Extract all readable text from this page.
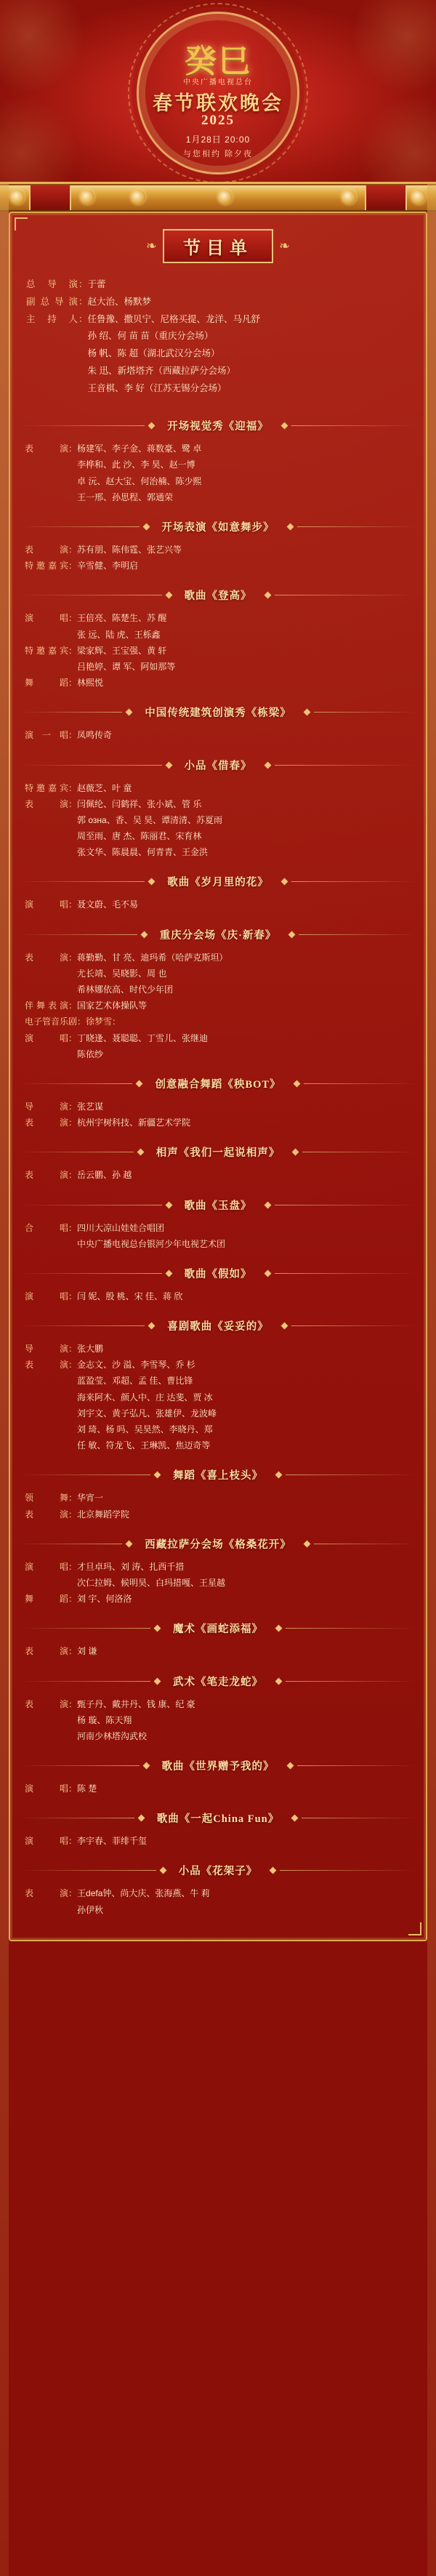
癸巳
中央广播电视总台
春节联欢晚会
2025
1月28日 20:00
与您相约 除夕夜
❧	节目单	❧
总导演 ： 于蕾
副总导演 ： 赵大治、杨默梦
主持人 ： 任鲁豫、撒贝宁、尼格买提、龙洋、马凡舒
孙 绍、何 苗 苗（重庆分会场）
杨 帆、陈 超（湖北武汉分会场）
朱 迅、新塔塔齐（西藏拉萨分会场）
王音棋、李 好（江苏无锡分会场）
开场视觉秀《迎福》
表演 ： 杨建军、李子金、蒋数豪、鹭 卓
李桦和、此 沙、李 昊、赵一博
卓 沅、赵大宝、何治楠、陈少熙
王一邢、孙思程、郭通荣
开场表演《如意舞步》
表演 ： 苏有朋、陈伟霆、张艺兴等
特邀嘉宾 ： 辛雪健、李明启
歌曲《登高》
演唱 ： 王倍亮、陈楚生、苏 醒
张 远、陆 虎、王栎鑫
特邀嘉宾 ： 梁家辉、王宝强、黄 轩
吕艳婷、谭 军、阿如那等
舞蹈 ： 林熙悦
中国传统建筑创演秀《栋梁》
演一唱 ： 凤鸣传奇
小品《借春》
特邀嘉宾 ： 赵薇芝、叶 童
表 演 ： 闫佩纶、闫鹤祥、张小斌、管 乐
郭 озна、香、吴 昊、谭清清、苏夏雨
周至雨、唐 杰、陈丽君、宋育林
张文华、陈晨晨、何青青、王金洪
歌曲《岁月里的花》
演唱 ： 聂文蔚、毛不易
重庆分会场《庆·新春》
表演 ： 蒋勤勤、甘 亮、迪玛希（哈萨克斯坦）
尤长靖、吴晓影、周 也
希林娜依高、时代少年团
伴舞表演 ： 国家艺术体操队等
电子管音乐剧：徐梦雪 ：
演唱 ： 丁晓逢、聂聪聪、丁雪儿、张继迪
陈依纱
创意融合舞蹈《秧BOT》
导演 ： 张艺谋
表演 ： 杭州宇树科技、新疆艺术学院
相声《我们一起说相声》
表演 ： 岳云鹏、孙 越
歌曲《玉盘》
合唱 ： 四川大凉山娃娃合唱团
中央广播电视总台银河少年电视艺术团
歌曲《假如》
演唱 ： 闫 妮、殷 桃、宋 佳、蒋 欣
喜剧歌曲《妥妥的》
导演 ： 张大鹏
表演 ： 金志文、沙 溢、李雪琴、乔 杉
蓝盈莹、邓超、孟 佳、曹比锋
海来阿木、颜人中、庄 达斐、贾 冰
刘宇文、黄子弘凡、张雄伊、龙波峰
刘 琦、杨 吗、吴昊然、李晓丹、郑
任 敏、符龙飞、王琳凯、焦迈奇等
舞蹈《喜上枝头》
领舞 ： 华宵一
表演 ： 北京舞蹈学院
西藏拉萨分会场《格桑花开》
演唱 ： 才旦卓玛、刘 涛、扎西千措
次仁拉姆、候明昊、白玛措嘎、王星越
舞蹈 ： 刘 宇、何洛洛
魔术《画蛇添福》
表演 ： 刘 谦
武术《笔走龙蛇》
表演 ： 甄子丹、戴井丹、钱 康、纪 豪
杨 璇、陈天翔
河南少林塔沟武校
歌曲《世界赠予我的》
演唱 ： 陈 楚
歌曲《一起China Fun》
演唱 ： 李宇春、菲绯千玺
小品《花架子》
表演 ： 王defa钟、尚大庆、张海燕、牛 莉
孙伊秋
